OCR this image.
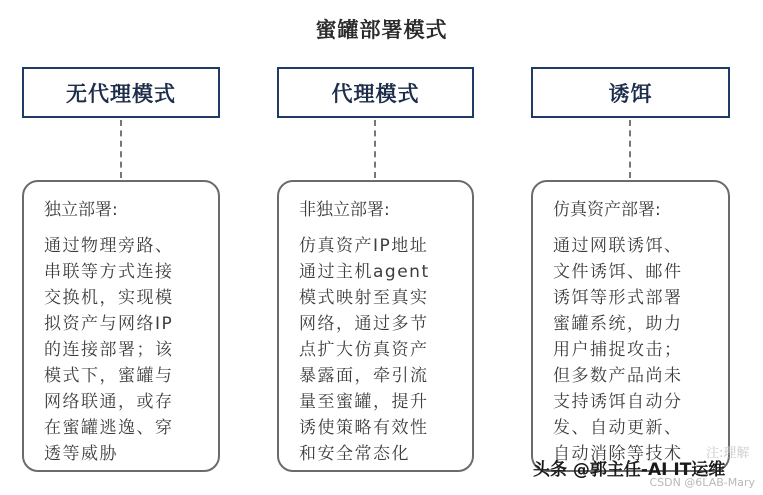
蜜罐部署模式
无代理模式
独立部署:
通过物理旁路、
串联等方式连接
交换机，实现模
拟资产与网络IP
的连接部署；该
模式下，蜜罐与
网络联通，或存
在蜜罐逃逸、穿
透等威胁
代理模式
非独立部署:
仿真资产IP地址
通过主机agent
模式映射至真实
网络，通过多节
点扩大仿真资产
暴露面，牵引流
量至蜜罐，提升
诱使策略有效性
和安全常态化
诱饵
仿真资产部署:
通过网联诱饵、
文件诱饵、邮件
诱饵等形式部署
蜜罐系统，助力
用户捕捉攻击；
但多数产品尚未
支持诱饵自动分
发、自动更新、
自动消除等技术	注:理解
头条 @郭主任-AI IT运维
CSDN @6LAB-Mary
